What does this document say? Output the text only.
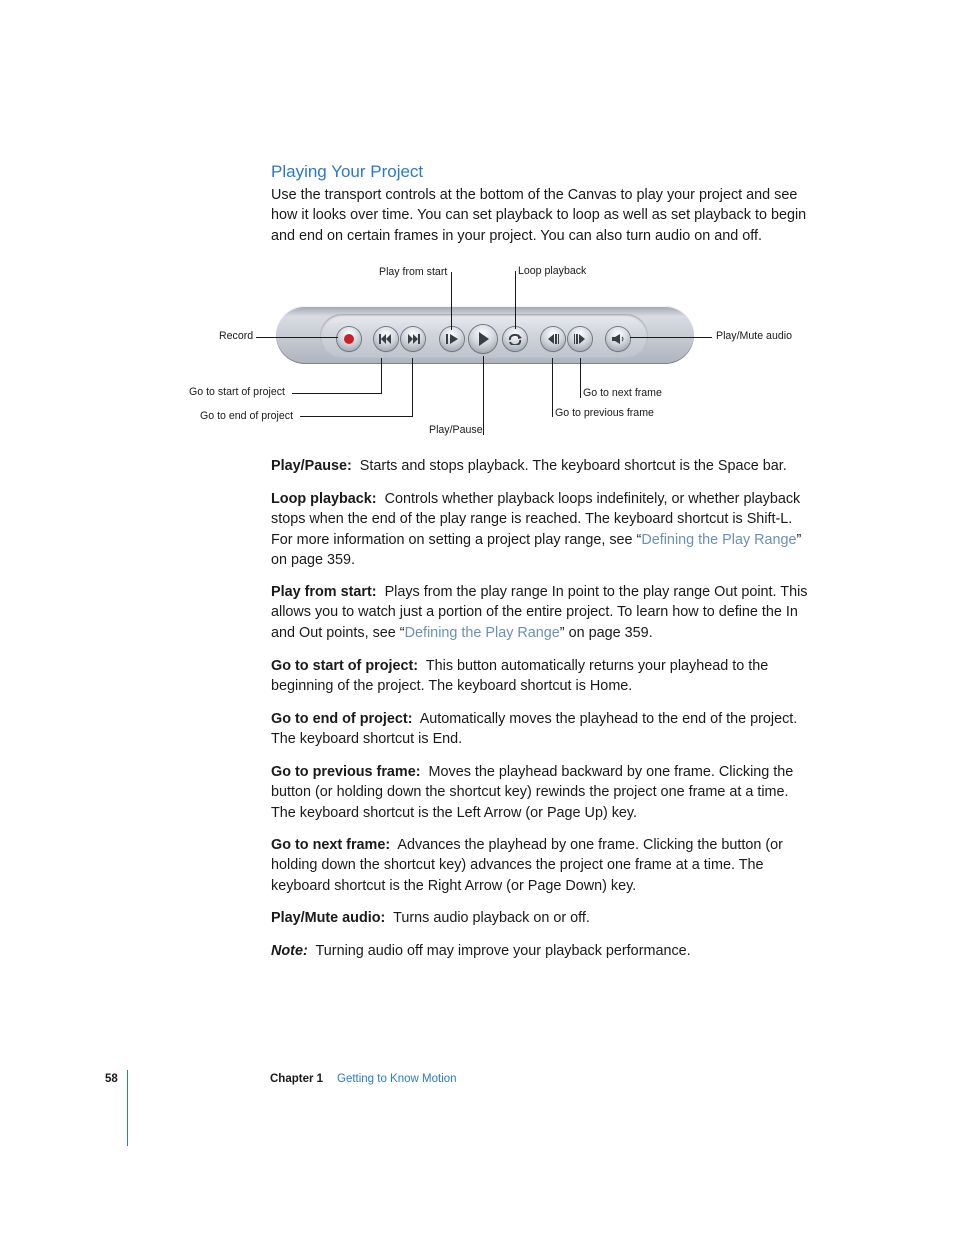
Playing Your Project

Use the transport controls at the bottom of the Canvas to play your project and see how it looks over time. You can set playback to loop as well as set playback to begin and end on certain frames in your project. You can also turn audio on and off.

Play from start	Loop playback
Record	Play/Mute audio
Go to start of project
Go to end of project
Play/Pause
Go to next frame
Go to previous frame

Play/Pause: Starts and stops playback. The keyboard shortcut is the Space bar.

Loop playback: Controls whether playback loops indefinitely, or whether playback stops when the end of the play range is reached. The keyboard shortcut is Shift-L. For more information on setting a project play range, see “Defining the Play Range” on page 359.

Play from start: Plays from the play range In point to the play range Out point. This allows you to watch just a portion of the entire project. To learn how to define the In and Out points, see “Defining the Play Range” on page 359.

Go to start of project: This button automatically returns your playhead to the beginning of the project. The keyboard shortcut is Home.

Go to end of project: Automatically moves the playhead to the end of the project. The keyboard shortcut is End.

Go to previous frame: Moves the playhead backward by one frame. Clicking the button (or holding down the shortcut key) rewinds the project one frame at a time. The keyboard shortcut is the Left Arrow (or Page Up) key.

Go to next frame: Advances the playhead by one frame. Clicking the button (or holding down the shortcut key) advances the project one frame at a time. The keyboard shortcut is the Right Arrow (or Page Down) key.

Play/Mute audio: Turns audio playback on or off.

Note: Turning audio off may improve your playback performance.

58	Chapter 1 Getting to Know Motion
